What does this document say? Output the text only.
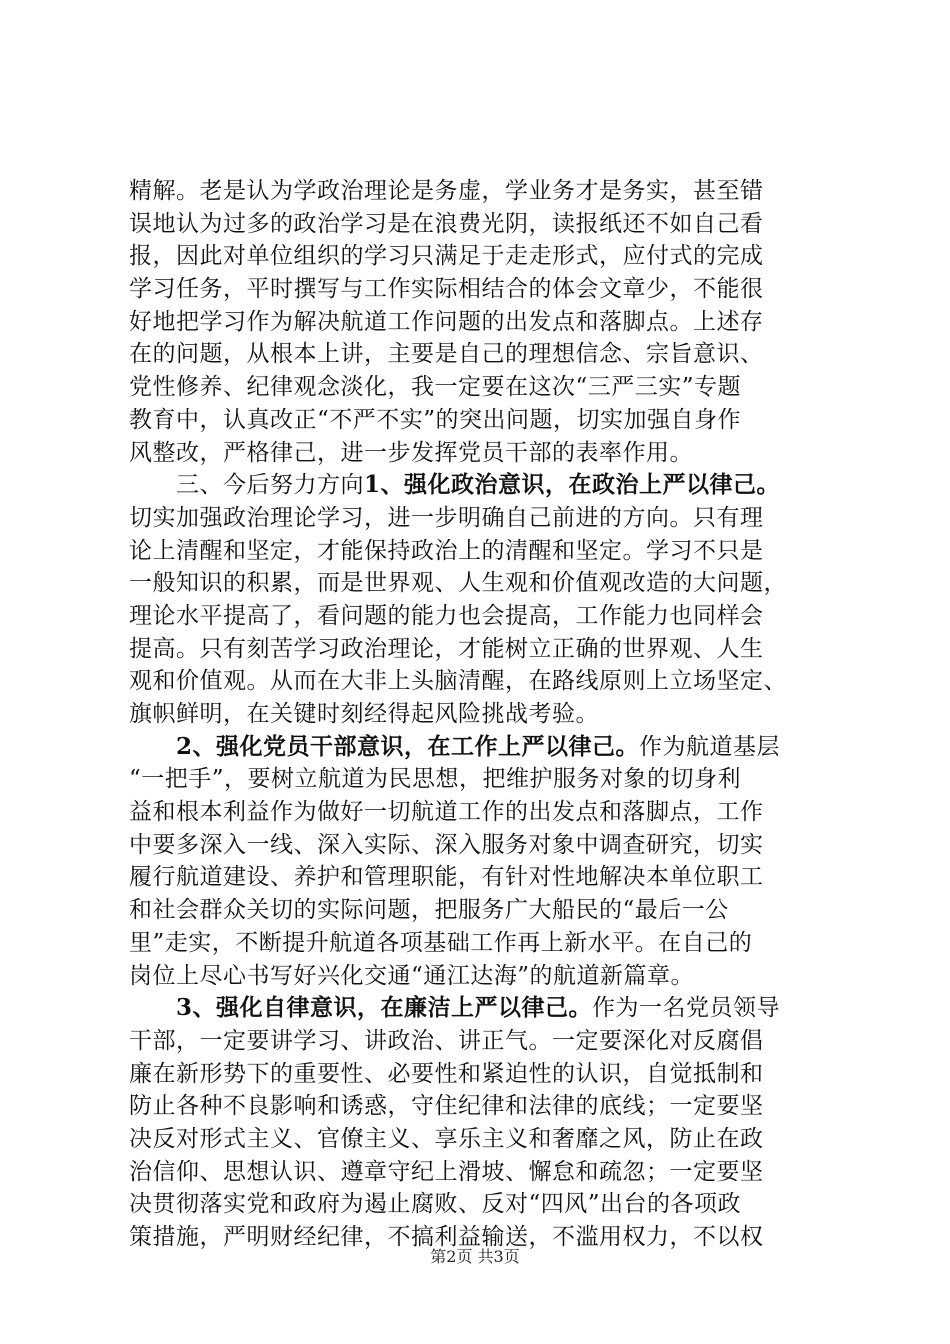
精解。老是认为学政治理论是务虚，学业务才是务实，甚至错
误地认为过多的政治学习是在浪费光阴，读报纸还不如自己看
报，因此对单位组织的学习只满足于走走形式，应付式的完成
学习任务，平时撰写与工作实际相结合的体会文章少，不能很
好地把学习作为解决航道工作问题的出发点和落脚点。上述存
在的问题，从根本上讲，主要是自己的理想信念、宗旨意识、
党性修养、纪律观念淡化，我一定要在这次“三严三实”专题
教育中，认真改正“不严不实”的突出问题，切实加强自身作
风整改，严格律己，进一步发挥党员干部的表率作用。
三、今后努力方向1、强化政治意识，在政治上严以律己。
切实加强政治理论学习，进一步明确自己前进的方向。只有理
论上清醒和坚定，才能保持政治上的清醒和坚定。学习不只是
一般知识的积累，而是世界观、人生观和价值观改造的大问题，
理论水平提高了，看问题的能力也会提高，工作能力也同样会
提高。只有刻苦学习政治理论，才能树立正确的世界观、人生
观和价值观。从而在大非上头脑清醒，在路线原则上立场坚定、
旗帜鲜明，在关键时刻经得起风险挑战考验。
2、强化党员干部意识，在工作上严以律己。作为航道基层
“一把手”，要树立航道为民思想，把维护服务对象的切身利
益和根本利益作为做好一切航道工作的出发点和落脚点，工作
中要多深入一线、深入实际、深入服务对象中调查研究，切实
履行航道建设、养护和管理职能，有针对性地解决本单位职工
和社会群众关切的实际问题，把服务广大船民的“最后一公
里”走实，不断提升航道各项基础工作再上新水平。在自己的
岗位上尽心书写好兴化交通“通江达海”的航道新篇章。
3、强化自律意识，在廉洁上严以律己。作为一名党员领导
干部，一定要讲学习、讲政治、讲正气。一定要深化对反腐倡
廉在新形势下的重要性、必要性和紧迫性的认识，自觉抵制和
防止各种不良影响和诱惑，守住纪律和法律的底线；一定要坚
决反对形式主义、官僚主义、享乐主义和奢靡之风，防止在政
治信仰、思想认识、遵章守纪上滑坡、懈怠和疏忽；一定要坚
决贯彻落实党和政府为遏止腐败、反对“四风”出台的各项政
策措施，严明财经纪律，不搞利益输送，不滥用权力，不以权
第2页 共3页
